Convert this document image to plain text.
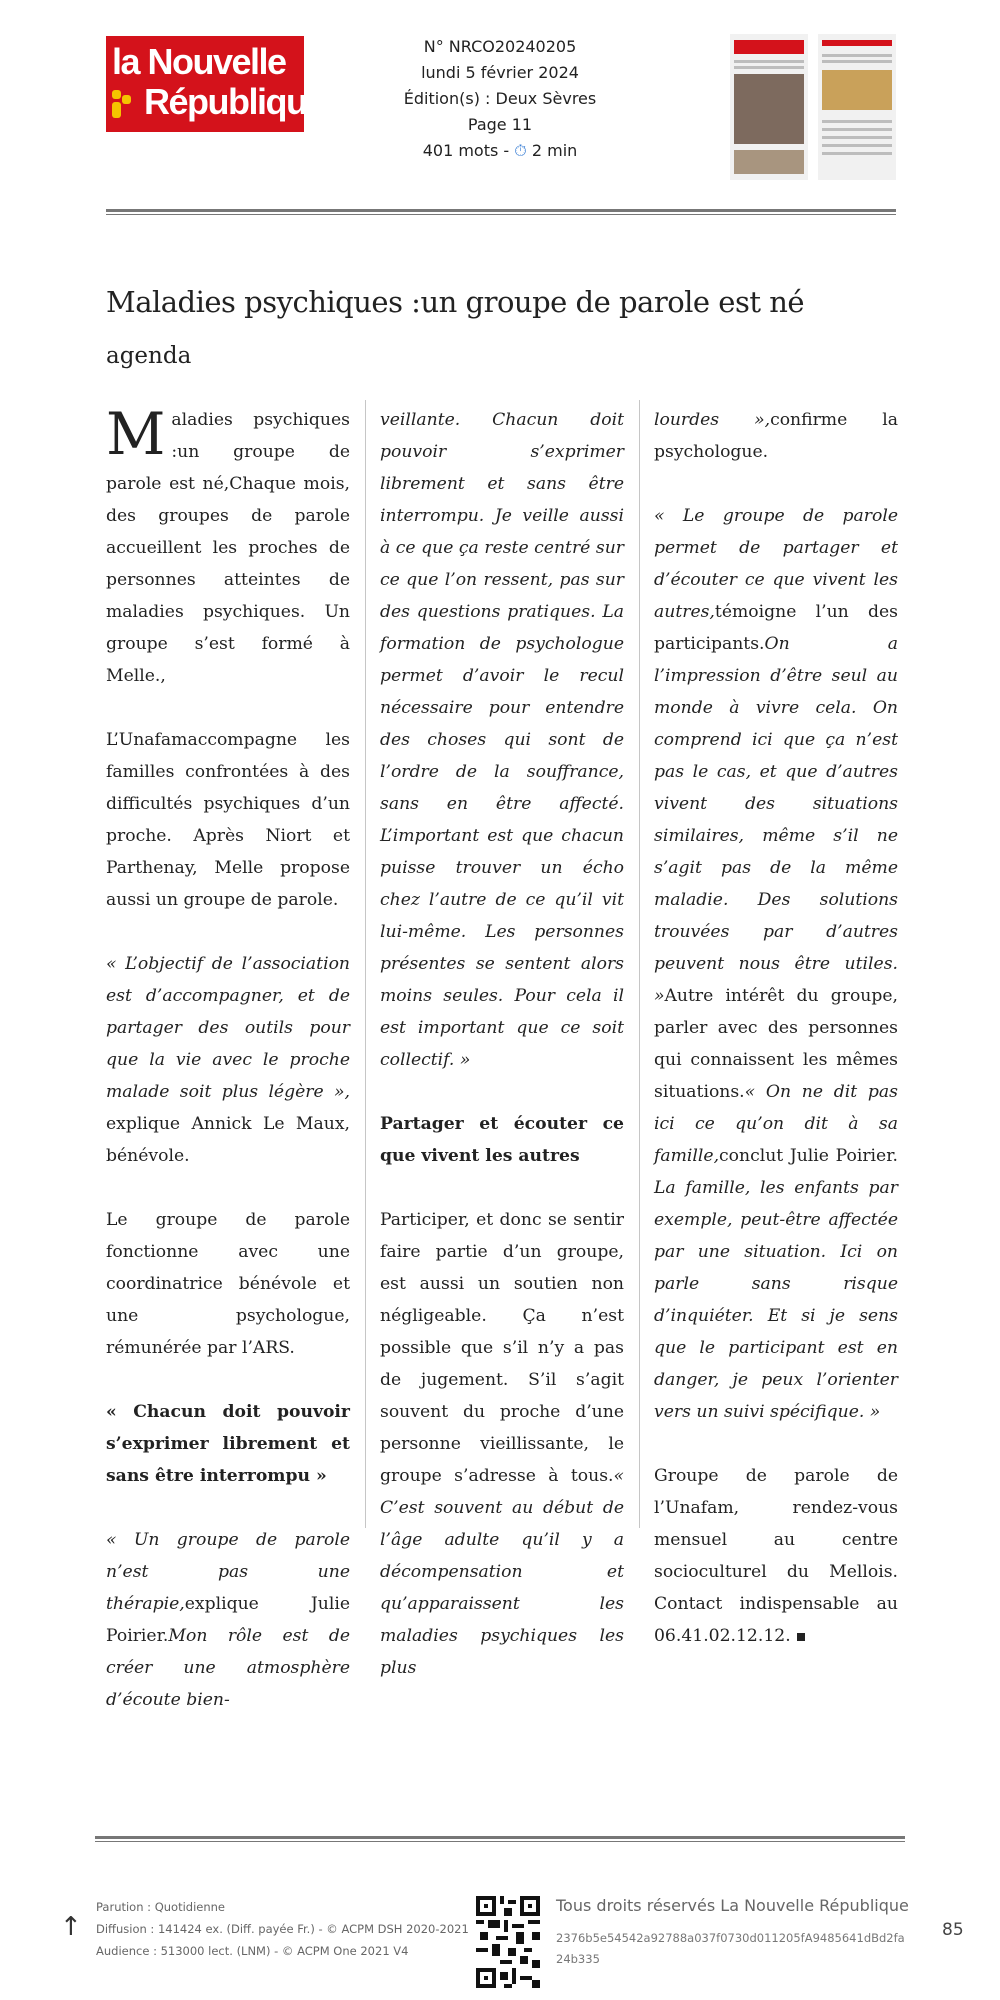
la Nouvelle
République
N° NRCO20240205
lundi 5 février 2024
Édition(s) : Deux Sèvres
Page 11
401 mots - ⏱ 2 min
Maladies psychiques :un groupe de parole est né
agenda

Maladies psychiques :un groupe de parole est né,Chaque mois, des groupes de parole accueillent les proches de personnes atteintes de maladies psychiques. Un groupe s’est formé à Melle.,

L’Unafamaccompagne les familles confrontées à des difficultés psychiques d’un proche. Après Niort et Parthenay, Melle propose aussi un groupe de parole.

« L’objectif de l’association est d’accompagner, et de partager des outils pour que la vie avec le proche malade soit plus légère », explique Annick Le Maux, bénévole.

Le groupe de parole fonctionne avec une coordinatrice bénévole et une psychologue, rémunérée par l’ARS.

« Chacun doit pouvoir s’exprimer librement et sans être interrompu »

« Un groupe de parole n’est pas une thérapie,explique Julie Poirier.Mon rôle est de créer une atmosphère d’écoute bien-

veillante. Chacun doit pouvoir s’exprimer librement et sans être interrompu. Je veille aussi à ce que ça reste centré sur ce que l’on ressent, pas sur des questions pratiques. La formation de psychologue permet d’avoir le recul nécessaire pour entendre des choses qui sont de l’ordre de la souffrance, sans en être affecté. L’important est que chacun puisse trouver un écho chez l’autre de ce qu’il vit lui-même. Les personnes présentes se sentent alors moins seules. Pour cela il est important que ce soit collectif. »

Partager et écouter ce que vivent les autres

Participer, et donc se sentir faire partie d’un groupe, est aussi un soutien non négligeable. Ça n’est possible que s’il n’y a pas de jugement. S’il s’agit souvent du proche d’une personne vieillissante, le groupe s’adresse à tous.« C’est souvent au début de l’âge adulte qu’il y a décompensation et qu’apparaissent les maladies psychiques les plus

lourdes »,confirme la psychologue.

« Le groupe de parole permet de partager et d’écouter ce que vivent les autres,témoigne l’un des participants.On a l’impression d’être seul au monde à vivre cela. On comprend ici que ça n’est pas le cas, et que d’autres vivent des situations similaires, même s’il ne s’agit pas de la même maladie. Des solutions trouvées par d’autres peuvent nous être utiles. »Autre intérêt du groupe, parler avec des personnes qui connaissent les mêmes situations.« On ne dit pas ici ce qu’on dit à sa famille,conclut Julie Poirier. La famille, les enfants par exemple, peut-être affectée par une situation. Ici on parle sans risque d’inquiéter. Et si je sens que le participant est en danger, je peux l’orienter vers un suivi spécifique. »

Groupe de parole de l’Unafam, rendez-vous mensuel au centre socioculturel du Mellois. Contact indispensable au 06.41.02.12.12.

↑
Parution : Quotidienne
Diffusion : 141424 ex. (Diff. payée Fr.) - © ACPM DSH 2020-2021
Audience : 513000 lect. (LNM) - © ACPM One 2021 V4
Tous droits réservés La Nouvelle République
2376b5e54542a92788a037f0730d011205fA9485641dBd2fa24b335
85
